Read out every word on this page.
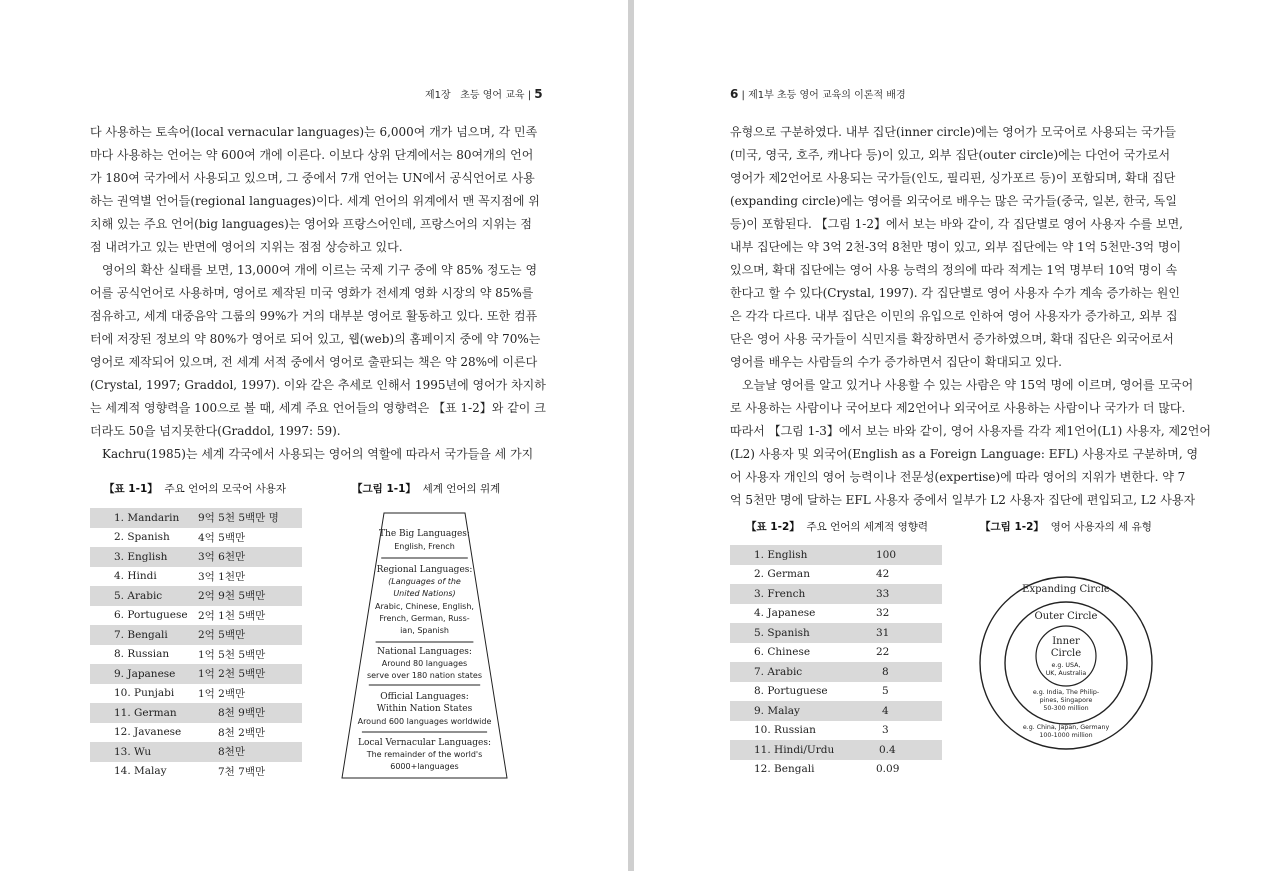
제1장 초등 영어 교육 | 5

다 사용하는 토속어(local vernacular languages)는 6,000여 개가 넘으며, 각 민족

마다 사용하는 언어는 약 600여 개에 이른다. 이보다 상위 단계에서는 80여개의 언어

가 180여 국가에서 사용되고 있으며, 그 중에서 7개 언어는 UN에서 공식언어로 사용

하는 권역별 언어들(regional languages)이다. 세계 언어의 위계에서 맨 꼭지점에 위

치해 있는 주요 언어(big languages)는 영어와 프랑스어인데, 프랑스어의 지위는 점

점 내려가고 있는 반면에 영어의 지위는 점점 상승하고 있다.

영어의 확산 실태를 보면, 13,000여 개에 이르는 국제 기구 중에 약 85% 정도는 영

어를 공식언어로 사용하며, 영어로 제작된 미국 영화가 전세계 영화 시장의 약 85%를

점유하고, 세계 대중음악 그룹의 99%가 거의 대부분 영어로 활동하고 있다. 또한 컴퓨

터에 저장된 정보의 약 80%가 영어로 되어 있고, 웹(web)의 홈페이지 중에 약 70%는

영어로 제작되어 있으며, 전 세계 서적 중에서 영어로 출판되는 책은 약 28%에 이른다

(Crystal, 1997; Graddol, 1997). 이와 같은 추세로 인해서 1995년에 영어가 차지하

는 세계적 영향력을 100으로 볼 때, 세계 주요 언어들의 영향력은 【표 1-2】와 같이 크

더라도 50을 넘지못한다(Graddol, 1997: 59).

Kachru(1985)는 세계 각국에서 사용되는 영어의 역할에 따라서 국가들을 세 가지

【표 1-1】 주요 언어의 모국어 사용자	【그림 1-1】 세계 언어의 위계
1. Mandarin	9억 5천 5백만 명
2. Spanish	4억 5백만
3. English	3억 6천만
4. Hindi	3억 1천만
5. Arabic	2억 9천 5백만
6. Portuguese	2억 1천 5백만
7. Bengali	2억 5백만
8. Russian	1억 5천 5백만
9. Japanese	1억 2천 5백만
10. Punjabi	1억 2백만
11. German	8천 9백만
12. Javanese	8천 2백만
13. Wu	8천만
14. Malay	7천 7백만
The Big Languages:
English, French
Regional Languages:
(Languages of the
United Nations)
Arabic, Chinese, English,
French, German, Russ-
ian, Spanish
National Languages:
Around 80 languages
serve over 180 nation states
Official Languages:
Within Nation States
Around 600 languages worldwide
Local Vernacular Languages:
The remainder of the world's
6000+languages
6 | 제1부 초등 영어 교육의 이론적 배경

유형으로 구분하였다. 내부 집단(inner circle)에는 영어가 모국어로 사용되는 국가들

(미국, 영국, 호주, 캐나다 등)이 있고, 외부 집단(outer circle)에는 다언어 국가로서

영어가 제2언어로 사용되는 국가들(인도, 필리핀, 싱가포르 등)이 포함되며, 확대 집단

(expanding circle)에는 영어를 외국어로 배우는 많은 국가들(중국, 일본, 한국, 독일

등)이 포함된다. 【그림 1-2】에서 보는 바와 같이, 각 집단별로 영어 사용자 수를 보면,

내부 집단에는 약 3억 2천-3억 8천만 명이 있고, 외부 집단에는 약 1억 5천만-3억 명이

있으며, 확대 집단에는 영어 사용 능력의 정의에 따라 적게는 1억 명부터 10억 명이 속

한다고 할 수 있다(Crystal, 1997). 각 집단별로 영어 사용자 수가 계속 증가하는 원인

은 각각 다르다. 내부 집단은 이민의 유입으로 인하여 영어 사용자가 증가하고, 외부 집

단은 영어 사용 국가들이 식민지를 확장하면서 증가하였으며, 확대 집단은 외국어로서

영어를 배우는 사람들의 수가 증가하면서 집단이 확대되고 있다.

오늘날 영어를 알고 있거나 사용할 수 있는 사람은 약 15억 명에 이르며, 영어를 모국어

로 사용하는 사람이나 국어보다 제2언어나 외국어로 사용하는 사람이나 국가가 더 많다.

따라서 【그림 1-3】에서 보는 바와 같이, 영어 사용자를 각각 제1언어(L1) 사용자, 제2언어

(L2) 사용자 및 외국어(English as a Foreign Language: EFL) 사용자로 구분하며, 영

어 사용자 개인의 영어 능력이나 전문성(expertise)에 따라 영어의 지위가 변한다. 약 7

억 5천만 명에 달하는 EFL 사용자 중에서 일부가 L2 사용자 집단에 편입되고, L2 사용자

【표 1-2】 주요 언어의 세계적 영향력	【그림 1-2】 영어 사용자의 세 유형
1. English	100
2. German	42
3. French	33
4. Japanese	32
5. Spanish	31
6. Chinese	22
7. Arabic	8
8. Portuguese	5
9. Malay	4
10. Russian	3
11. Hindi/Urdu	0.4
12. Bengali	0.09
Expanding Circle
Outer Circle
Inner
Circle
e.g. USA,
UK, Australia
e.g. India, The Philip-
pines, Singapore
50-300 million
e.g. China, Japan, Germany
100-1000 million
